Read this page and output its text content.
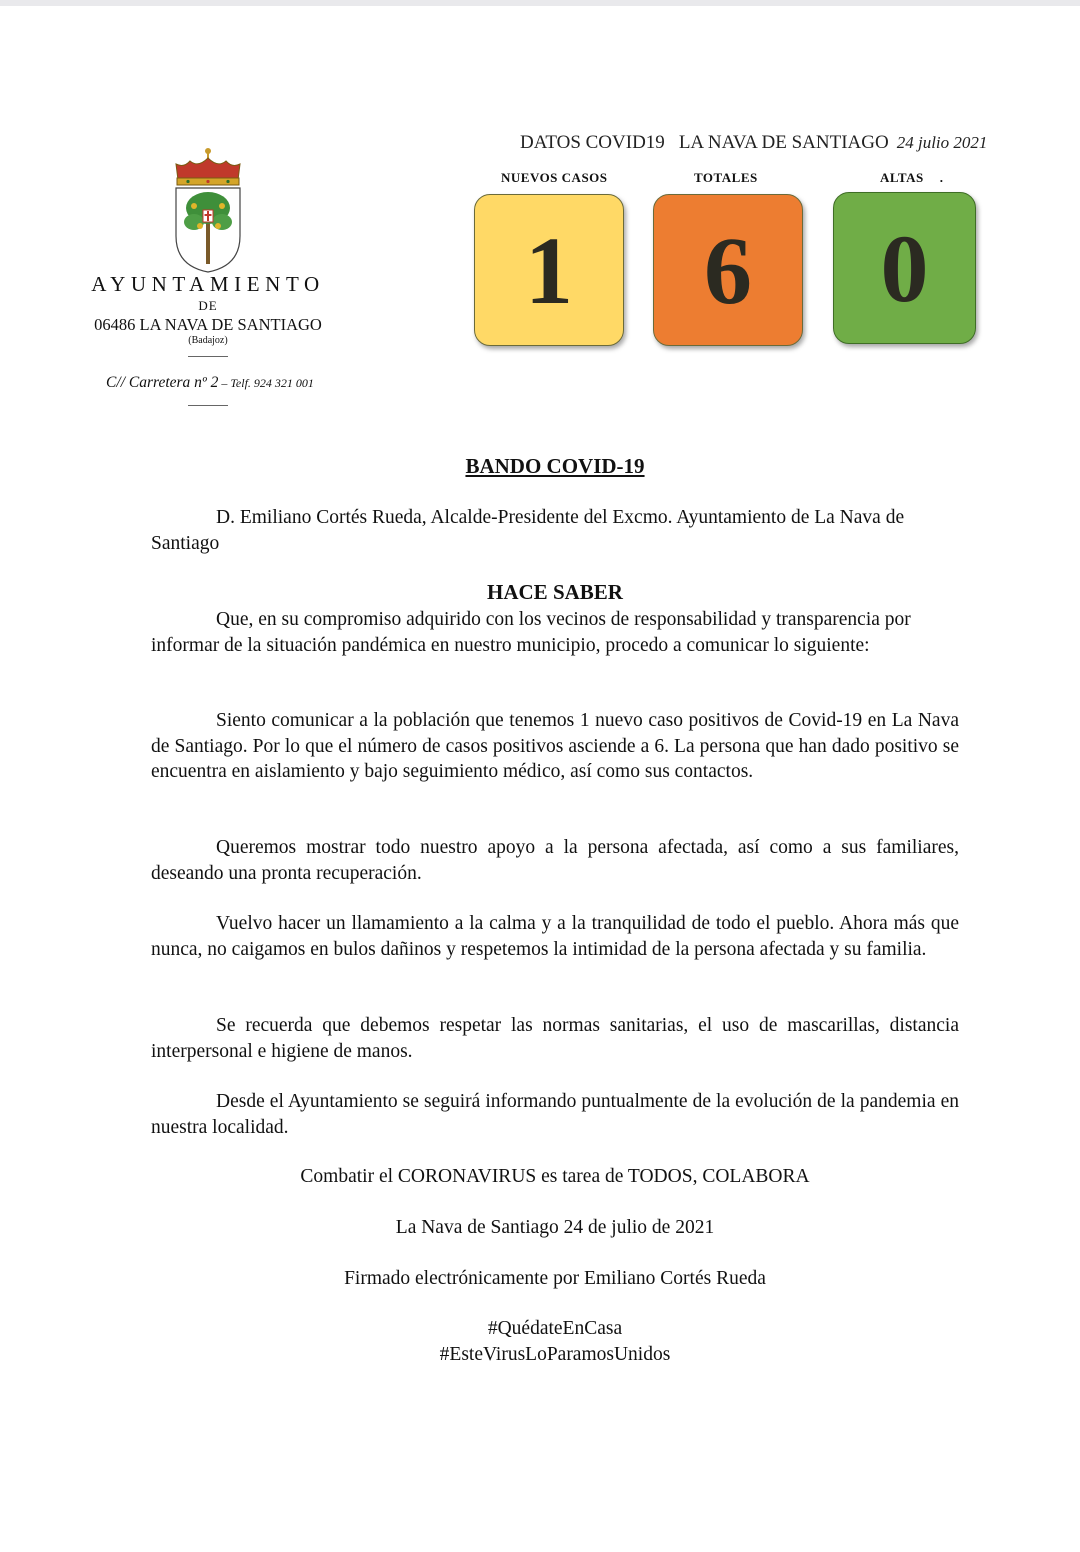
AYUNTAMIENTO
DE
06486 LA NAVA DE SANTIAGO
(Badajoz)
C// Carretera nº 2 – Telf. 924 321 001
DATOS COVID19 LA NAVA DE SANTIAGO 24 julio 2021
NUEVOS CASOS	TOTALES	ALTAS .
1 6 0
BANDO COVID-19
D. Emiliano Cortés Rueda, Alcalde-Presidente del Excmo. Ayuntamiento de La Nava de Santiago
HACE SABER
Que, en su compromiso adquirido con los vecinos de responsabilidad y transparencia por informar de la situación pandémica en nuestro municipio, procedo a comunicar lo siguiente:
Siento comunicar a la población que tenemos 1 nuevo caso positivos de Covid-19 en La Nava de Santiago. Por lo que el número de casos positivos asciende a 6. La persona que han dado positivo se encuentra en aislamiento y bajo seguimiento médico, así como sus contactos.
Queremos mostrar todo nuestro apoyo a la persona afectada, así como a sus familiares, deseando una pronta recuperación.
Vuelvo hacer un llamamiento a la calma y a la tranquilidad de todo el pueblo. Ahora más que nunca, no caigamos en bulos dañinos y respetemos la intimidad de la persona afectada y su familia.
Se recuerda que debemos respetar las normas sanitarias, el uso de mascarillas, distancia interpersonal e higiene de manos.
Desde el Ayuntamiento se seguirá informando puntualmente de la evolución de la pandemia en nuestra localidad.
Combatir el CORONAVIRUS es tarea de TODOS, COLABORA
La Nava de Santiago 24 de julio de 2021
Firmado electrónicamente por Emiliano Cortés Rueda
#QuédateEnCasa
#EsteVirusLoParamosUnidos
